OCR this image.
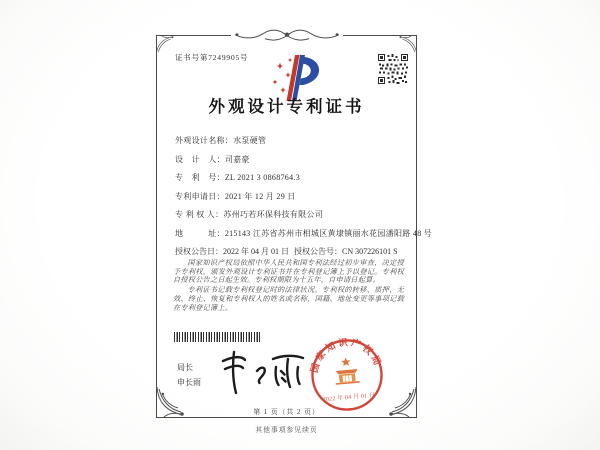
证书号第7249905号
外观设计专利证书
外观设计名称：水泵硬管
设　计　人：司嘉豪
专　利　号：ZL 2021 3 0868764.3
专利申请日：2021 年 12 月 29 日
专 利 权 人：苏州巧若环保科技有限公司
地　　　址：215143 江苏省苏州市相城区黄埭镇丽水花园潘阳路 48 号
授权公告日：2022 年 04 月 01 日 授权公告号：CN 307226101 S

国家知识产权局依照中华人民共和国专利法经过初步审查，决定授予专利权，颁发外观设计专利证书并在专利登记簿上予以登记。专利权自授权公告之日起生效。专利权期限为十五年，自申请日起算。

专利证书记载专利权登记时的法律状况。专利权的转移、质押、无效、终止、恢复和专利权人的姓名或名称、国籍、地址变更等事项记载在专利登记簿上。

局长
申长雨
国家知识产权局
2022 年 04 月 01 日
第 1 页（共 2 页）
其他事项参见续页
